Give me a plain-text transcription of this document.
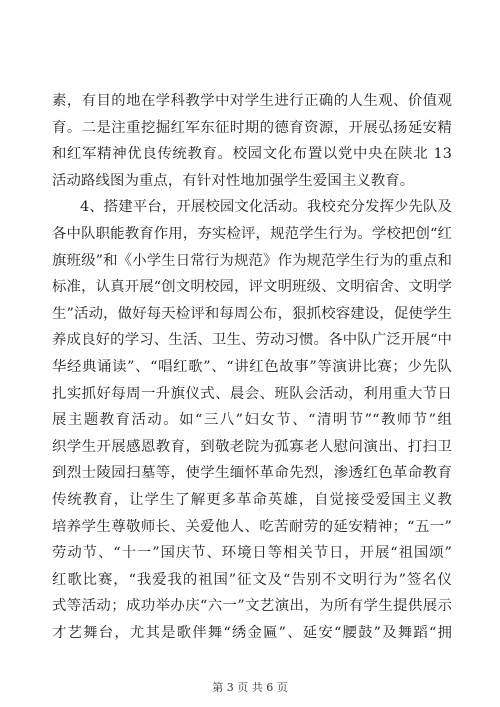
素，有目的地在学科教学中对学生进行正确的人生观、价值观
育。二是注重挖掘红军东征时期的德育资源，开展弘扬延安精
和红军精神优良传统教育。校园文化布置以党中央在陕北 13
活动路线图为重点，有针对性地加强学生爱国主义教育。
4、搭建平台，开展校园文化活动。我校充分发挥少先队及
各中队职能教育作用，夯实检评，规范学生行为。学校把创“红
旗班级”和《小学生日常行为规范》作为规范学生行为的重点和
标准，认真开展“创文明校园，评文明班级、文明宿舍、文明学
生”活动，做好每天检评和每周公布，狠抓校容建设，促使学生
养成良好的学习、生活、卫生、劳动习惯。各中队广泛开展“中
华经典诵读”、“唱红歌”、“讲红色故事”等演讲比赛；少先队
扎实抓好每周一升旗仪式、晨会、班队会活动，利用重大节日
展主题教育活动。如“三八”妇女节、“清明节”“教师节”组
织学生开展感恩教育，到敬老院为孤寡老人慰问演出、打扫卫
到烈士陵园扫墓等，使学生缅怀革命先烈，渗透红色革命教育
传统教育，让学生了解更多革命英雄，自觉接受爱国主义教
培养学生尊敬师长、关爱他人、吃苦耐劳的延安精神；“五一”
劳动节、“十一”国庆节、环境日等相关节日，开展“祖国颂”
红歌比赛，“我爱我的祖国”征文及“告别不文明行为”签名仪
式等活动；成功举办庆“六一”文艺演出，为所有学生提供展示
才艺舞台，尤其是歌伴舞“绣金匾”、延安“腰鼓”及舞蹈“拥
第 3 页 共 6 页
